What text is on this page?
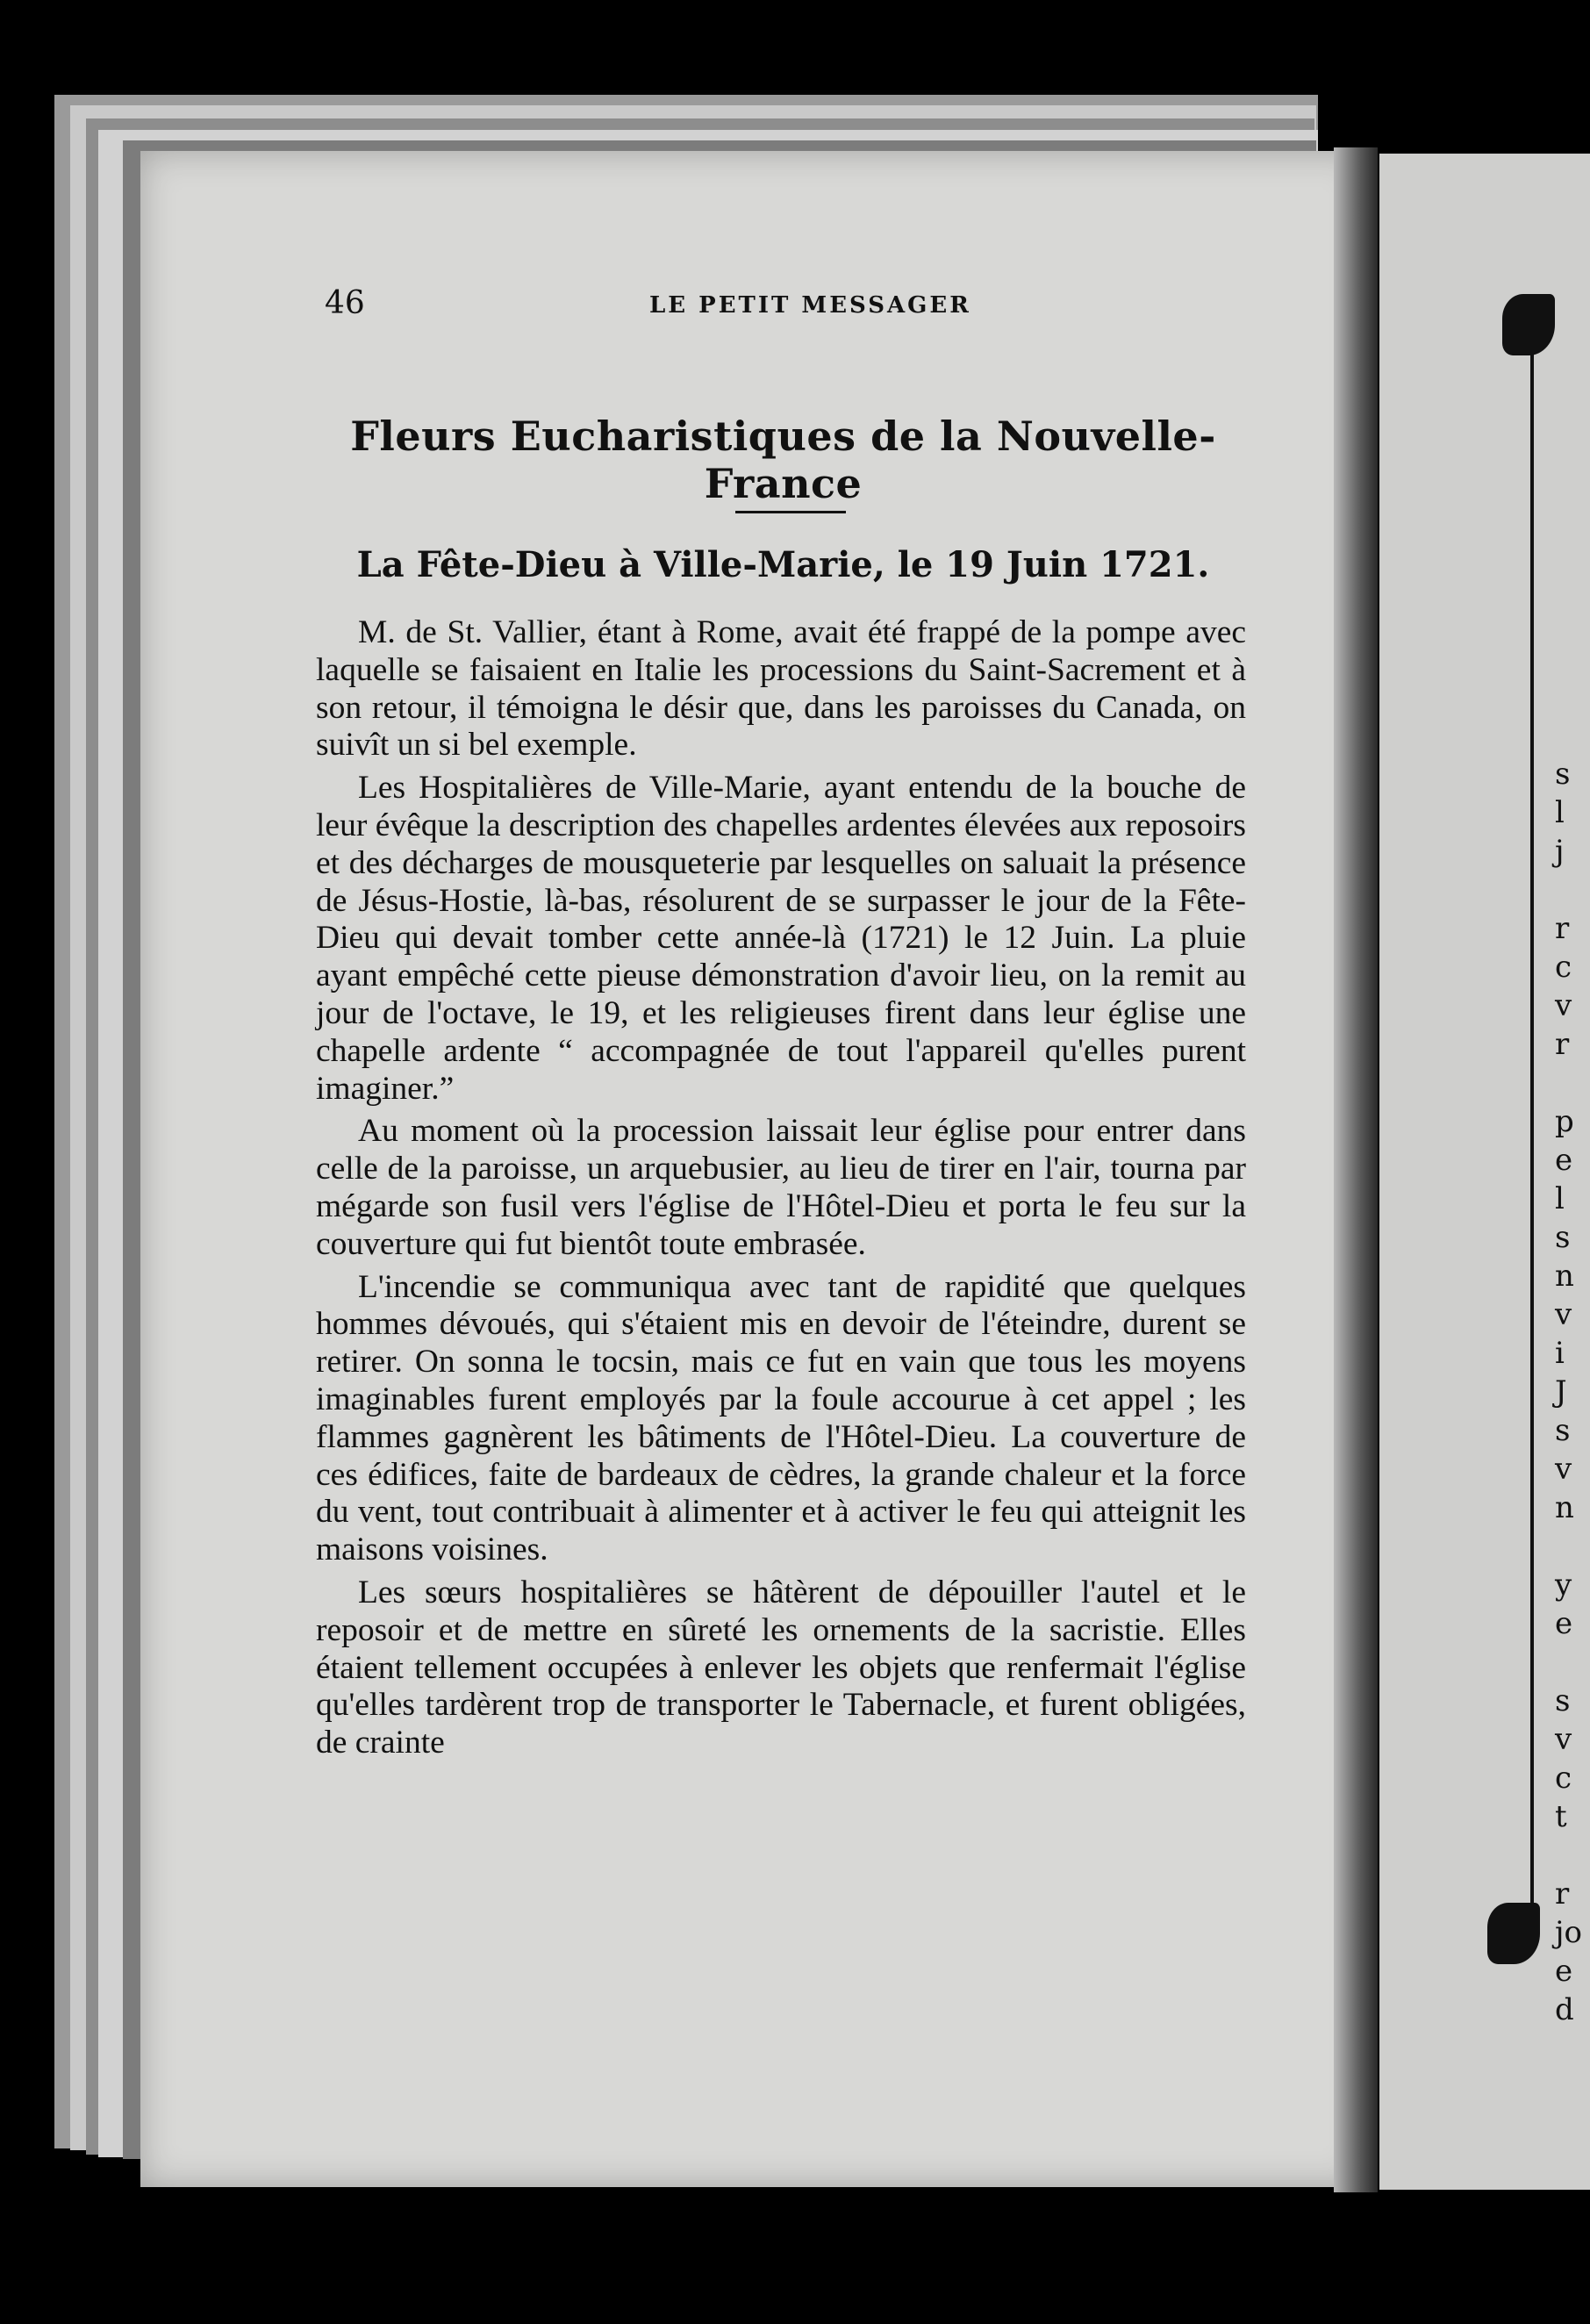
s
l
j

r
c
v
r

p
e
l
s
n
v
i
J
s
v
n

y
e

s
v
c
t

r
jo
e
d
46	LE PETIT MESSAGER
Fleurs Eucharistiques de la Nouvelle-France
La Fête-Dieu à Ville-Marie, le 19 Juin 1721.

M. de St. Vallier, étant à Rome, avait été frappé de la pompe avec laquelle se faisaient en Italie les processions du Saint-Sacrement et à son retour, il témoigna le désir que, dans les paroisses du Canada, on suivît un si bel exemple.

Les Hospitalières de Ville-Marie, ayant entendu de la bouche de leur évêque la description des chapelles ardentes élevées aux reposoirs et des décharges de mousqueterie par lesquelles on saluait la présence de Jésus-Hostie, là-bas, résolurent de se surpasser le jour de la Fête-Dieu qui devait tomber cette année-là (1721) le 12 Juin. La pluie ayant empêché cette pieuse démonstration d'avoir lieu, on la remit au jour de l'octave, le 19, et les religieuses firent dans leur église une chapelle ardente “ accompagnée de tout l'appareil qu'elles purent imaginer.”

Au moment où la procession laissait leur église pour entrer dans celle de la paroisse, un arquebusier, au lieu de tirer en l'air, tourna par mégarde son fusil vers l'église de l'Hôtel-Dieu et porta le feu sur la couverture qui fut bientôt toute embrasée.

L'incendie se communiqua avec tant de rapidité que quelques hommes dévoués, qui s'étaient mis en devoir de l'éteindre, durent se retirer. On sonna le tocsin, mais ce fut en vain que tous les moyens imaginables furent employés par la foule accourue à cet appel ; les flammes gagnèrent les bâtiments de l'Hôtel-Dieu. La couverture de ces édifices, faite de bardeaux de cèdres, la grande chaleur et la force du vent, tout contribuait à alimenter et à activer le feu qui atteignit les maisons voisines.

Les sœurs hospitalières se hâtèrent de dépouiller l'autel et le reposoir et de mettre en sûreté les ornements de la sacristie. Elles étaient tellement occupées à enlever les objets que renfermait l'église qu'elles tardèrent trop de transporter le Tabernacle, et furent obligées, de crainte
